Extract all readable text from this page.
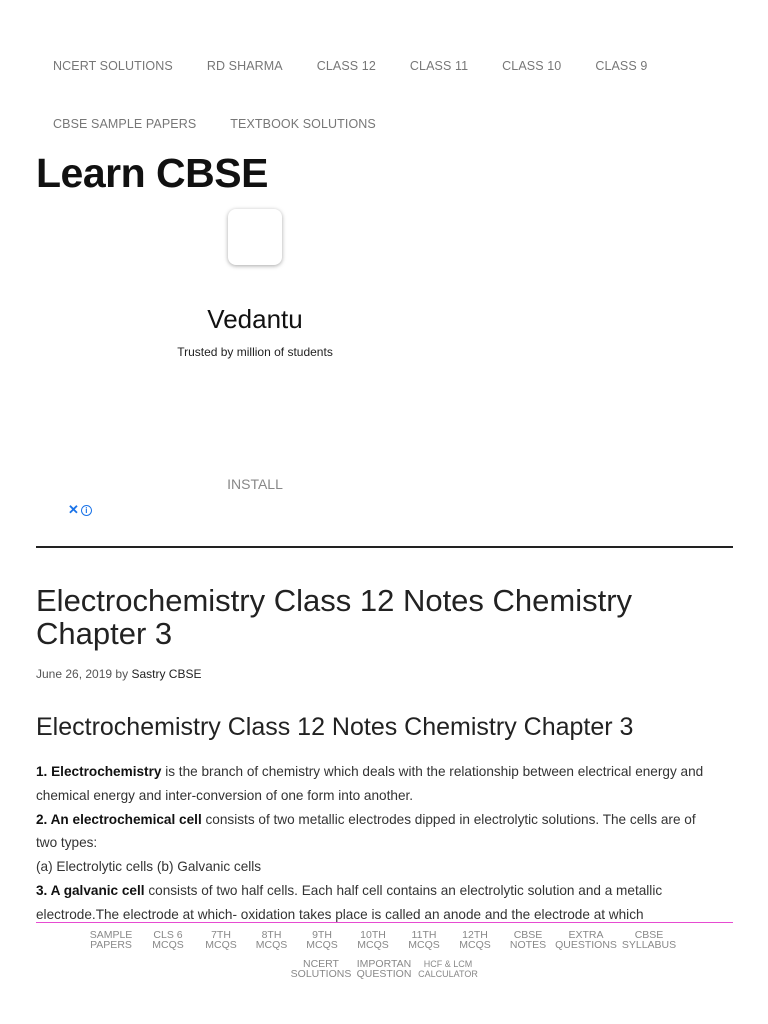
NCERT SOLUTIONS	RD SHARMA	CLASS 12	CLASS 11	CLASS 10	CLASS 9
CBSE SAMPLE PAPERS	TEXTBOOK SOLUTIONS
Learn CBSE
Vedantu
Trusted by million of students
INSTALL
✕ i
Electrochemistry Class 12 Notes Chemistry Chapter 3
June 26, 2019 by Sastry CBSE
Electrochemistry Class 12 Notes Chemistry Chapter 3

1. Electrochemistry is the branch of chemistry which deals with the relationship between electrical energy and chemical energy and inter-conversion of one form into another.

2. An electrochemical cell consists of two metallic electrodes dipped in electrolytic solutions. The cells are of two types:

(a) Electrolytic cells (b) Galvanic cells

3. A galvanic cell consists of two half cells. Each half cell contains an electrolytic solution and a metallic electrode.The electrode at which- oxidation takes place is called an anode and the electrode at which

SAMPLE
PAPERS
CLS 6
MCQS
7TH
MCQS
8TH
MCQS
9TH
MCQS
10TH
MCQS
11TH
MCQS
12TH
MCQS
CBSE
NOTES
EXTRA
QUESTIONS
CBSE
SYLLABUS
NCERT
SOLUTIONS
IMPORTAN
QUESTION
HCF & LCM
CALCULATOR
